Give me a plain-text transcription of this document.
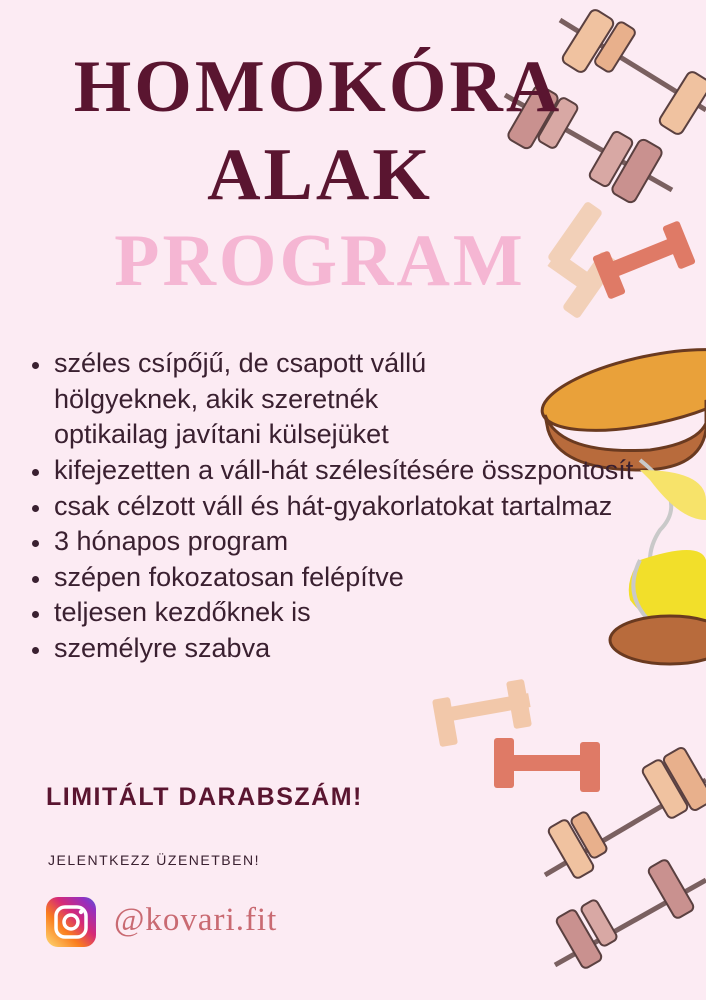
HOMOKÓRA
ALAK
PROGRAM
széles csípőjű, de csapott vállú
hölgyeknek, akik szeretnék
optikailag javítani külsejüket
kifejezetten a váll-hát szélesítésére összpontosít
csak célzott váll és hát-gyakorlatokat tartalmaz
3 hónapos program
szépen fokozatosan felépítve
teljesen kezdőknek is
személyre szabva
LIMITÁLT DARABSZÁM!
JELENTKEZZ ÜZENETBEN!
@kovari.fit
